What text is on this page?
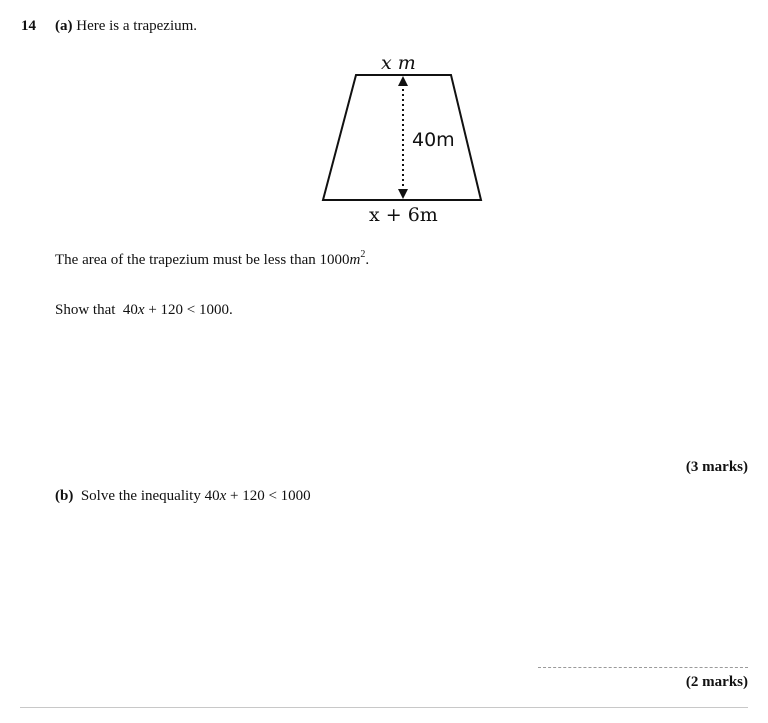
14 (a) Here is a trapezium.
x m
40m
x + 6m
The area of the trapezium must be less than $1000m^2$.
Show that  40x + 120 < 1000.
(3 marks)
(b) Solve the inequality 40x + 120 < 1000
(2 marks)
